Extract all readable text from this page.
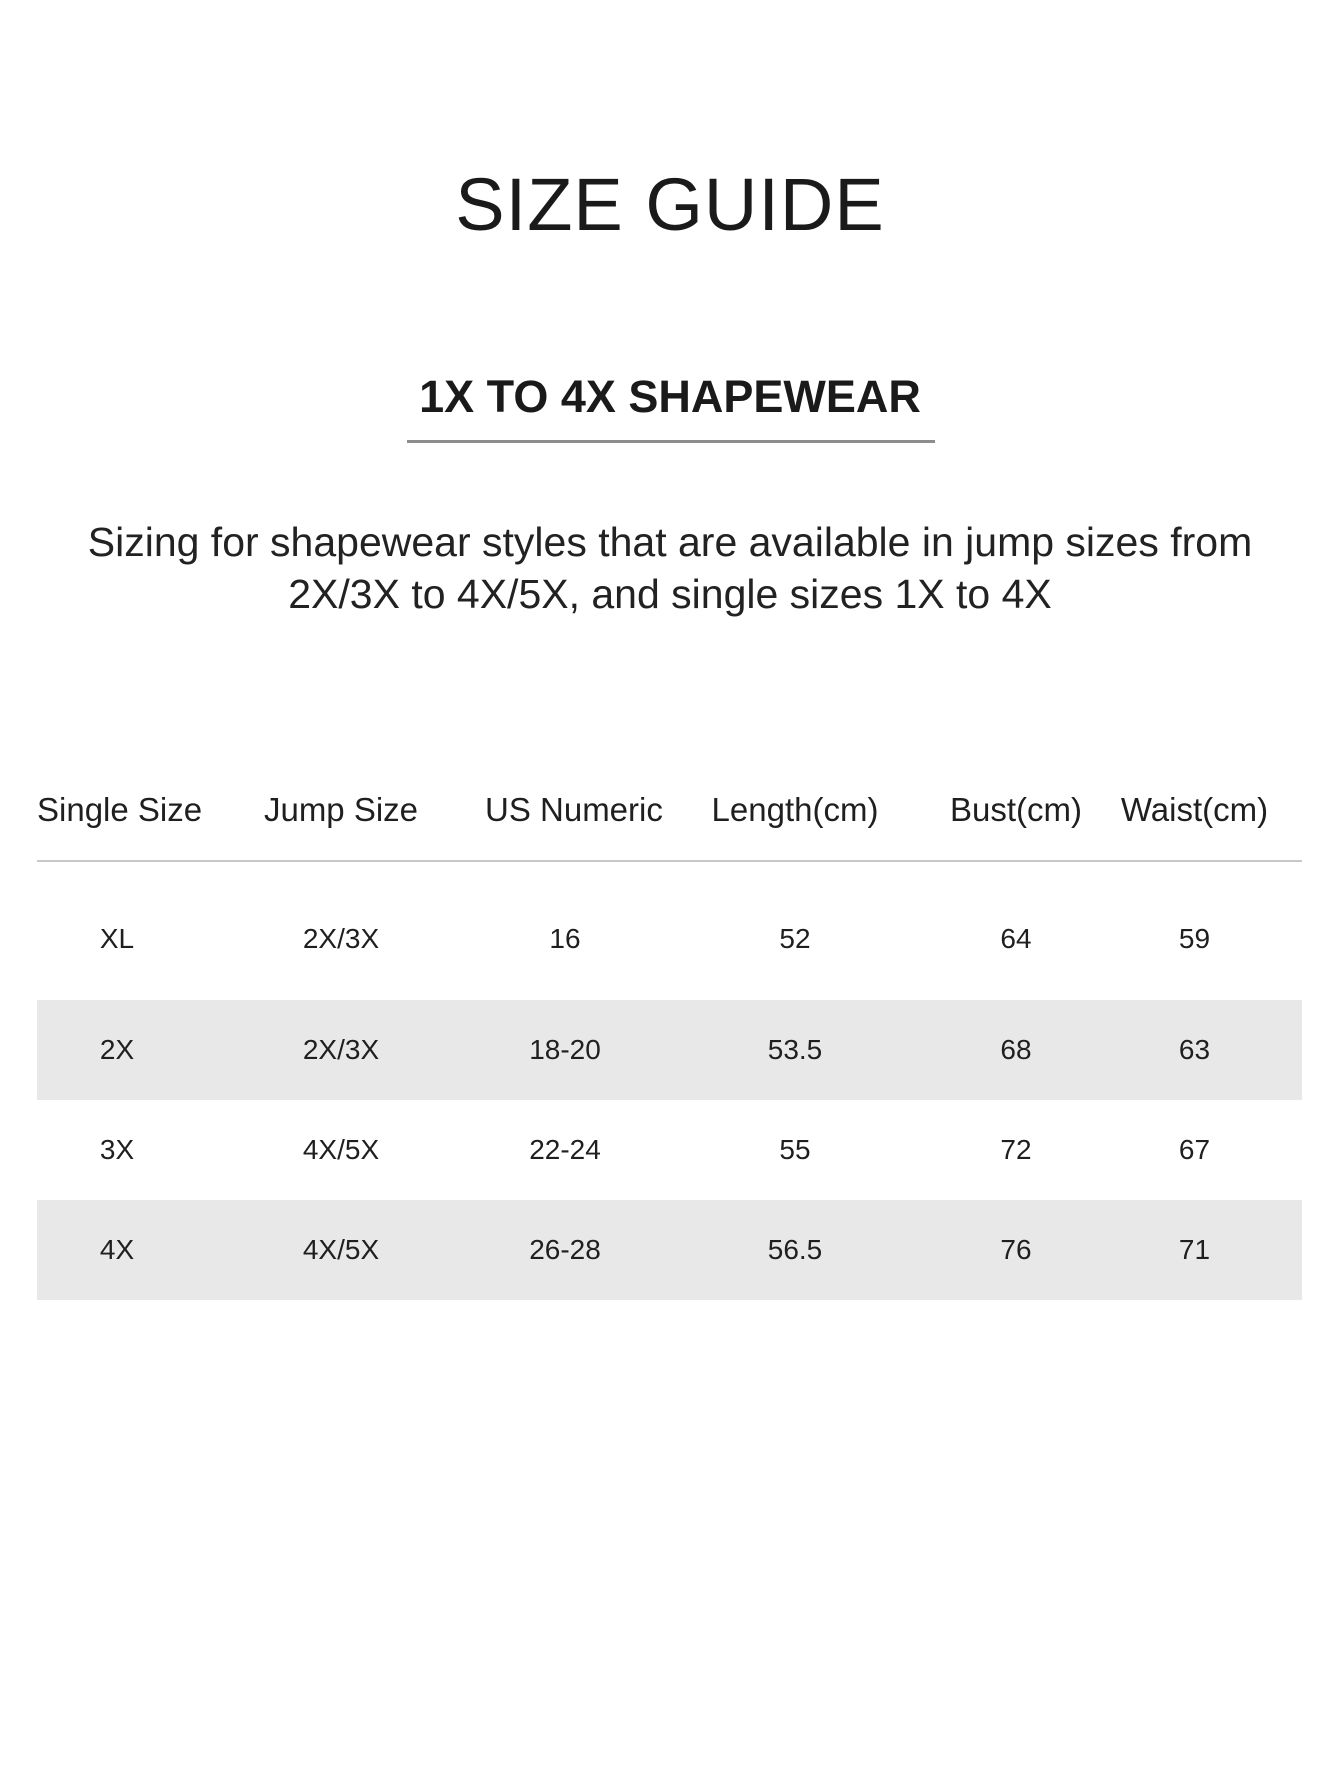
SIZE GUIDE
1X TO 4X SHAPEWEAR

Sizing for shapewear styles that are available in jump sizes from 2X/3X to 4X/5X, and single sizes 1X to 4X

Single Size	Jump Size	US Numeric	Length(cm)	Bust(cm)	Waist(cm)
XL	2X/3X	16	52	64	59
2X	2X/3X	18-20	53.5	68	63
3X	4X/5X	22-24	55	72	67
4X	4X/5X	26-28	56.5	76	71
